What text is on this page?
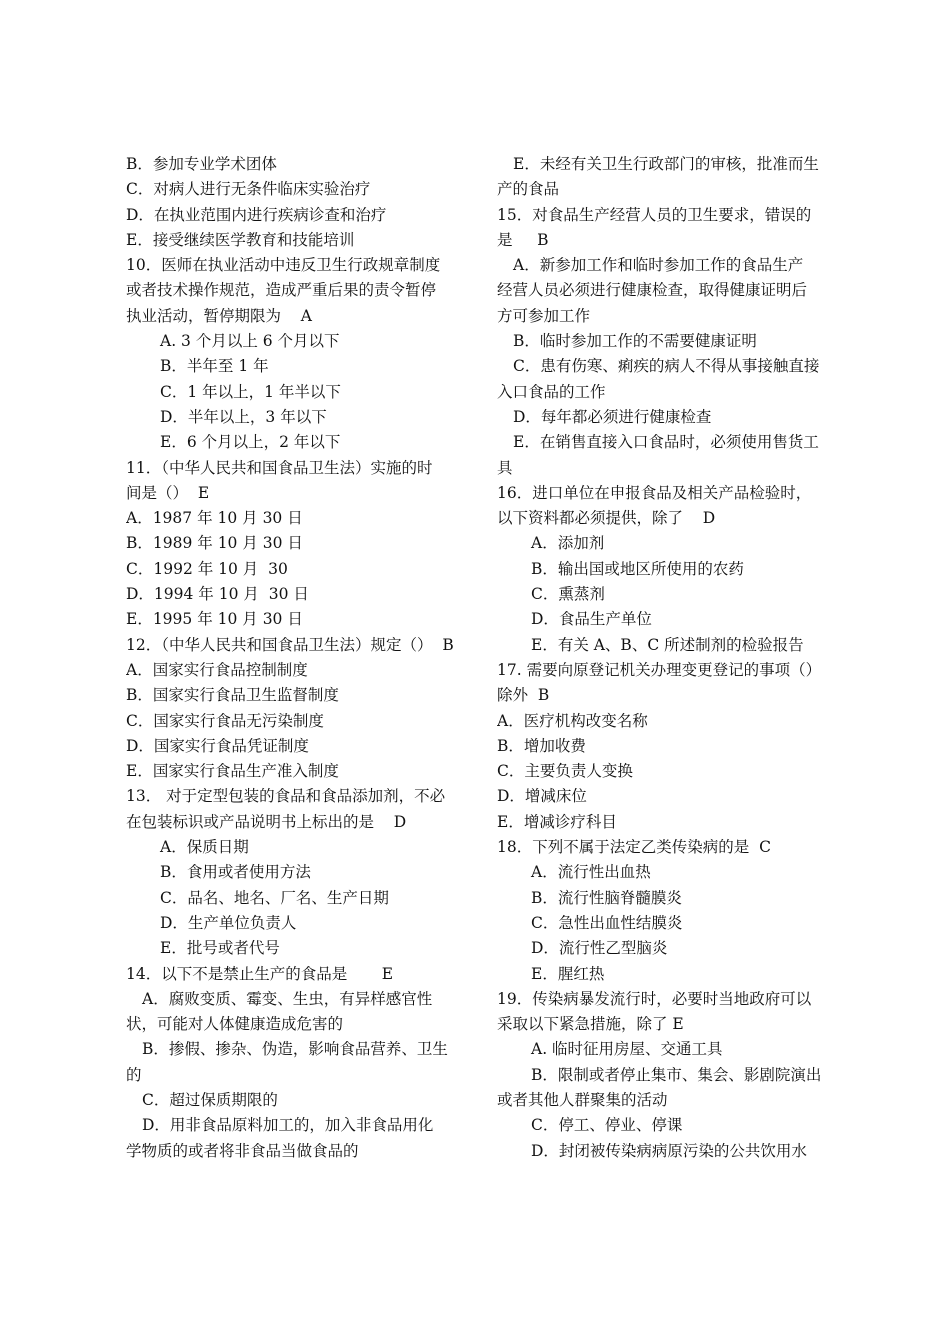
B．参加专业学术团体
C．对病人进行无条件临床实验治疗
D．在执业范围内进行疾病诊查和治疗
E．接受继续医学教育和技能培训
10．医师在执业活动中违反卫生行政规章制度
或者技术操作规范，造成严重后果的责令暂停
执业活动，暂停期限为    A
A. 3 个月以上 6 个月以下
B．半年至 1 年
C．1 年以上，1 年半以下
D．半年以上，3 年以下
E．6 个月以上，2 年以下
11．（中华人民共和国食品卫生法）实施的时
间是（）  E
A．1987 年 10 月 30 日
B．1989 年 10 月 30 日
C．1992 年 10 月  30
D．1994 年 10 月  30 日
E．1995 年 10 月 30 日
12．（中华人民共和国食品卫生法）规定（）  B
A．国家实行食品控制制度
B．国家实行食品卫生监督制度
C．国家实行食品无污染制度
D．国家实行食品凭证制度
E．国家实行食品生产准入制度
13． 对于定型包装的食品和食品添加剂，不必
在包装标识或产品说明书上标出的是    D
A．保质日期
B．食用或者使用方法
C．品名、地名、厂名、生产日期
D．生产单位负责人
E．批号或者代号
14．以下不是禁止生产的食品是       E
A．腐败变质、霉变、生虫，有异样感官性
状，可能对人体健康造成危害的
B．掺假、掺杂、伪造，影响食品营养、卫生
的
C．超过保质期限的
D．用非食品原料加工的，加入非食品用化
学物质的或者将非食品当做食品的
E．未经有关卫生行政部门的审核，批准而生
产的食品
15．对食品生产经营人员的卫生要求，错误的
是     B
A．新参加工作和临时参加工作的食品生产
经营人员必须进行健康检查，取得健康证明后
方可参加工作
B．临时参加工作的不需要健康证明
C．患有伤寒、痢疾的病人不得从事接触直接
入口食品的工作
D．每年都必须进行健康检查
E．在销售直接入口食品时，必须使用售货工
具
16．进口单位在申报食品及相关产品检验时，
以下资料都必须提供，除了    D
A．添加剂
B．输出国或地区所使用的农药
C．熏蒸剂
D．食品生产单位
E．有关 A、B、C 所述制剂的检验报告
17. 需要向原登记机关办理变更登记的事项（）
除外  B
A．医疗机构改变名称
B．增加收费
C．主要负责人变换
D．增减床位
E．增减诊疗科目
18．下列不属于法定乙类传染病的是  C
A．流行性出血热
B．流行性脑脊髓膜炎
C．急性出血性结膜炎
D．流行性乙型脑炎
E．腥红热
19．传染病暴发流行时，必要时当地政府可以
采取以下紧急措施，除了 E
A. 临时征用房屋、交通工具
B．限制或者停止集市、集会、影剧院演出
或者其他人群聚集的活动
C．停工、停业、停课
D．封闭被传染病病原污染的公共饮用水
